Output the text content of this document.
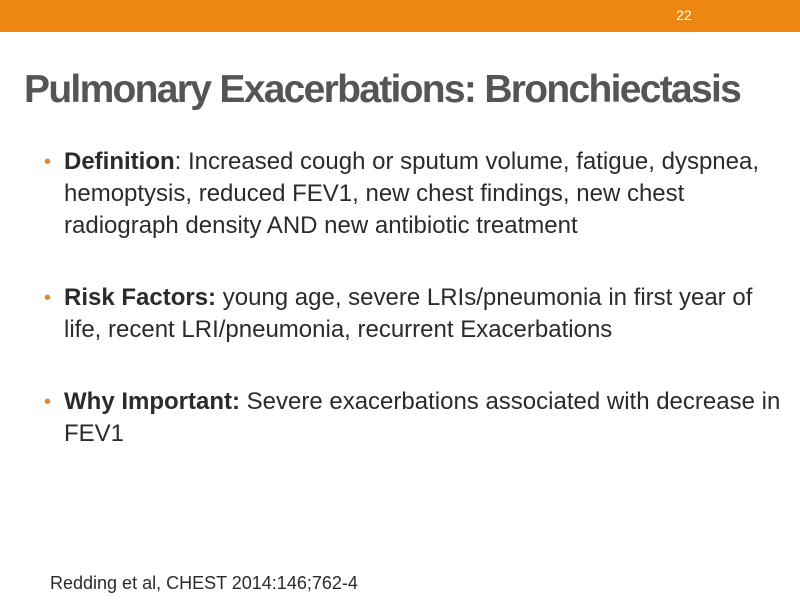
22
Pulmonary Exacerbations: Bronchiectasis
• Definition: Increased cough or sputum volume, fatigue, dyspnea, hemoptysis, reduced FEV1, new chest findings, new chest radiograph density AND new antibiotic treatment
• Risk Factors: young age, severe LRIs/pneumonia in first year of life, recent LRI/pneumonia, recurrent Exacerbations
• Why Important: Severe exacerbations associated with decrease in FEV1
Redding et al, CHEST 2014:146;762-4
